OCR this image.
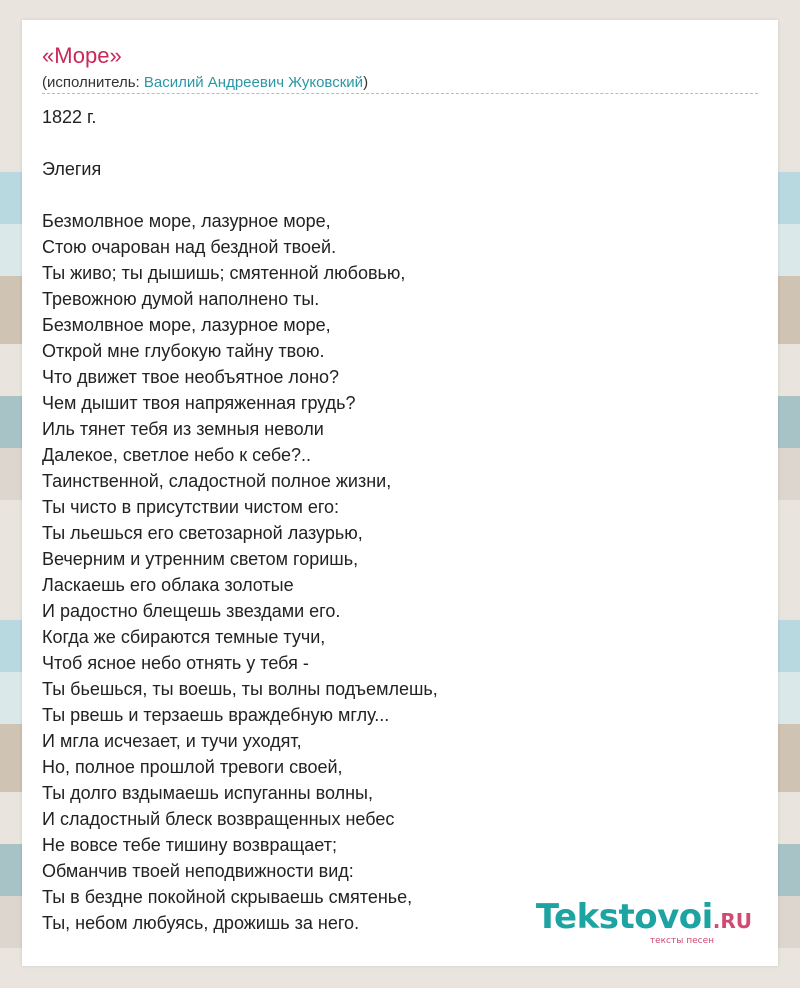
«Море»
(исполнитель: Василий Андреевич Жуковский)
1822 г.
Элегия
Безмолвное море, лазурное море,
Стою очарован над бездной твоей.
Ты живо; ты дышишь; смятенной любовью,
Тревожною думой наполнено ты.
Безмолвное море, лазурное море,
Открой мне глубокую тайну твою.
Что движет твое необъятное лоно?
Чем дышит твоя напряженная грудь?
Иль тянет тебя из земныя неволи
Далекое, светлое небо к себе?..
Таинственной, сладостной полное жизни,
Ты чисто в присутствии чистом его:
Ты льешься его светозарной лазурью,
Вечерним и утренним светом горишь,
Ласкаешь его облака золотые
И радостно блещешь звездами его.
Когда же сбираются темные тучи,
Чтоб ясное небо отнять у тебя -
Ты бьешься, ты воешь, ты волны подъемлешь,
Ты рвешь и терзаешь враждебную мглу...
И мгла исчезает, и тучи уходят,
Но, полное прошлой тревоги своей,
Ты долго вздымаешь испуганны волны,
И сладостный блеск возвращенных небес
Не вовсе тебе тишину возвращает;
Обманчив твоей неподвижности вид:
Ты в бездне покойной скрываешь смятенье,
Ты, небом любуясь, дрожишь за него.	Tekstovoi.RU
тексты песен
